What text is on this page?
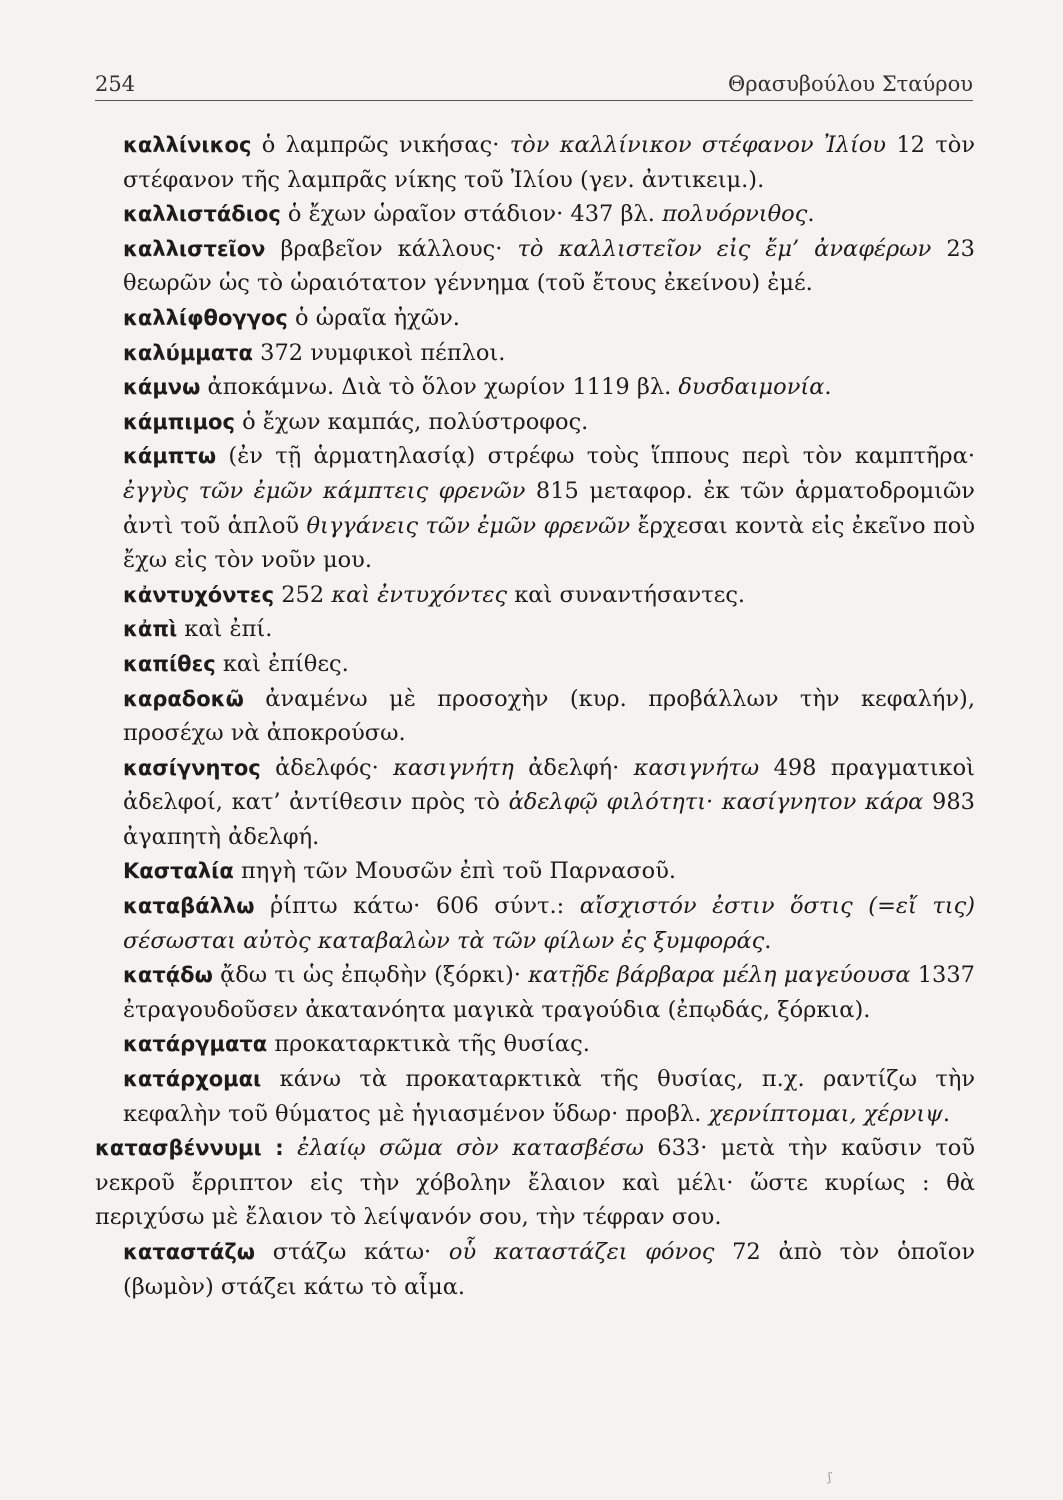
254	Θρασυβούλου Σταύρου

καλλίνικος ὁ λαμπρῶς νικήσας· τὸν καλλίνικον στέφανον Ἰλίου 12 τὸν στέφανον τῆς λαμπρᾶς νίκης τοῦ Ἰλίου (γεν. ἀντικειμ.).

καλλιστάδιος ὁ ἔχων ὡραῖον στάδιον· 437 βλ. πολυόρνιθος.

καλλιστεῖον βραβεῖον κάλλους· τὸ καλλιστεῖον εἰς ἔμ’ ἀναφέρων 23 θεωρῶν ὡς τὸ ὡραιότατον γέννημα (τοῦ ἔτους ἐκείνου) ἐμέ.

καλλίφθογγος ὁ ὡραῖα ἠχῶν.

καλύμματα 372 νυμφικοὶ πέπλοι.

κάμνω ἀποκάμνω. Διὰ τὸ ὅλον χωρίον 1119 βλ. δυσδαιμονία.

κάμπιμος ὁ ἔχων καμπάς, πολύστροφος.

κάμπτω (ἐν τῇ ἁρματηλασίᾳ) στρέφω τοὺς ἵππους περὶ τὸν καμπτῆρα· ἐγγὺς τῶν ἐμῶν κάμπτεις φρενῶν 815 μεταφορ. ἐκ τῶν ἁρματοδρομιῶν ἀντὶ τοῦ ἁπλοῦ θιγγάνεις τῶν ἐμῶν φρενῶν ἔρχεσαι κοντὰ εἰς ἐκεῖνο ποὺ ἔχω εἰς τὸν νοῦν μου.

κἀντυχόντες 252 καὶ ἐντυχόντες καὶ συναντήσαντες.

κἀπὶ καὶ ἐπί.

καπίθες καὶ ἐπίθες.

καραδοκῶ ἀναμένω μὲ προσοχὴν (κυρ. προβάλλων τὴν κεφαλήν), προσέχω νὰ ἀποκρούσω.

κασίγνητος ἀδελφός· κασιγνήτη ἀδελφή· κασιγνήτω 498 πραγματικοὶ ἀδελφοί, κατ’ ἀντίθεσιν πρὸς τὸ ἀδελφῷ φιλότητι· κασίγνητον κάρα 983 ἀγαπητὴ ἀδελφή.

Κασταλία πηγὴ τῶν Μουσῶν ἐπὶ τοῦ Παρνασοῦ.

καταβάλλω ῥίπτω κάτω· 606 σύντ.: αἴσχιστόν ἐστιν ὅστις (=εἴ τις) σέσωσται αὐτὸς καταβαλὼν τὰ τῶν φίλων ἐς ξυμφοράς.

κατᾴδω ᾄδω τι ὡς ἐπῳδὴν (ξόρκι)· κατῇδε βάρβαρα μέλη μαγεύουσα 1337 ἐτραγουδοῦσεν ἀκατανόητα μαγικὰ τραγούδια (ἐπῳδάς, ξόρκια).

κατάργματα προκαταρκτικὰ τῆς θυσίας.

κατάρχομαι κάνω τὰ προκαταρκτικὰ τῆς θυσίας, π.χ. ραντίζω τὴν κεφαλὴν τοῦ θύματος μὲ ἡγιασμένον ὕδωρ· προβλ. χερνίπτομαι, χέρνιψ.

κατασβέννυμι : ἐλαίῳ σῶμα σὸν κατασβέσω 633· μετὰ τὴν καῦσιν τοῦ νεκροῦ ἔρριπτον εἰς τὴν χόβολην ἔλαιον καὶ μέλι· ὥστε κυρίως : θὰ περιχύσω μὲ ἔλαιον τὸ λείψανόν σου, τὴν τέφραν σου.

καταστάζω στάζω κάτω· οὗ καταστάζει φόνος 72 ἀπὸ τὸν ὁποῖον (βωμὸν) στάζει κάτω τὸ αἷμα.

ʃ
